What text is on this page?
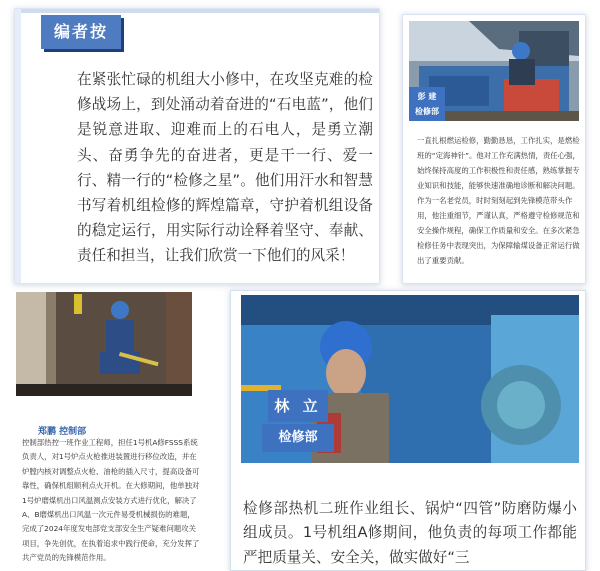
编者按

在紧张忙碌的机组大小修中，在攻坚克难的检修战场上，到处涌动着奋进的“石电蓝”，他们是锐意进取、迎难而上的石电人，是勇立潮头、奋勇争先的奋进者，更是干一行、爱一行、精一行的“检修之星”。他们用汗水和智慧书写着机组检修的辉煌篇章，守护着机组设备的稳定运行，用实际行动诠释着坚守、奉献、责任和担当，让我们欣赏一下他们的风采！

彭 建
检修部

一直扎根燃运检修，勤勤恳恳，工作扎实，是燃检班的“定海神针”。他对工作充满热情，责任心强，始终保持高度的工作积极性和责任感，熟练掌握专业知识和技能，能够快速准确地诊断和解决问题。作为一名老党员，时时刻刻起到先锋模范带头作用，他注重细节，严谨认真，严格遵守检修规范和安全操作规程，确保工作质量和安全。在多次紧急检修任务中表现突出，为保障输煤设备正常运行做出了重要贡献。

控制部热控一班作业工程师，担任1号机A修FSSS系统负责人，对1号炉点火枪推进装置进行移位改造，并在炉膛内核对调整点火枪、油枪的插入尺寸，提高设备可靠性，确保机组顺利点火开机。在大修期间，他单独对1号炉磨煤机出口风温测点安装方式进行优化，解决了A、B磨煤机出口风温一次元件易受机械损伤的难题，完成了2024年度发电部党支部安全生产疑难问题攻关项目，争先创优，在执着追求中践行使命，充分发挥了共产党员的先锋模范作用。

郑鹏 控制部

检修部热机二班作业组长、锅炉“四管”防磨防爆小组成员。1号机组A修期间，他负责的每项工作都能严把质量关、安全关，做实做好“三

林 立
检修部
